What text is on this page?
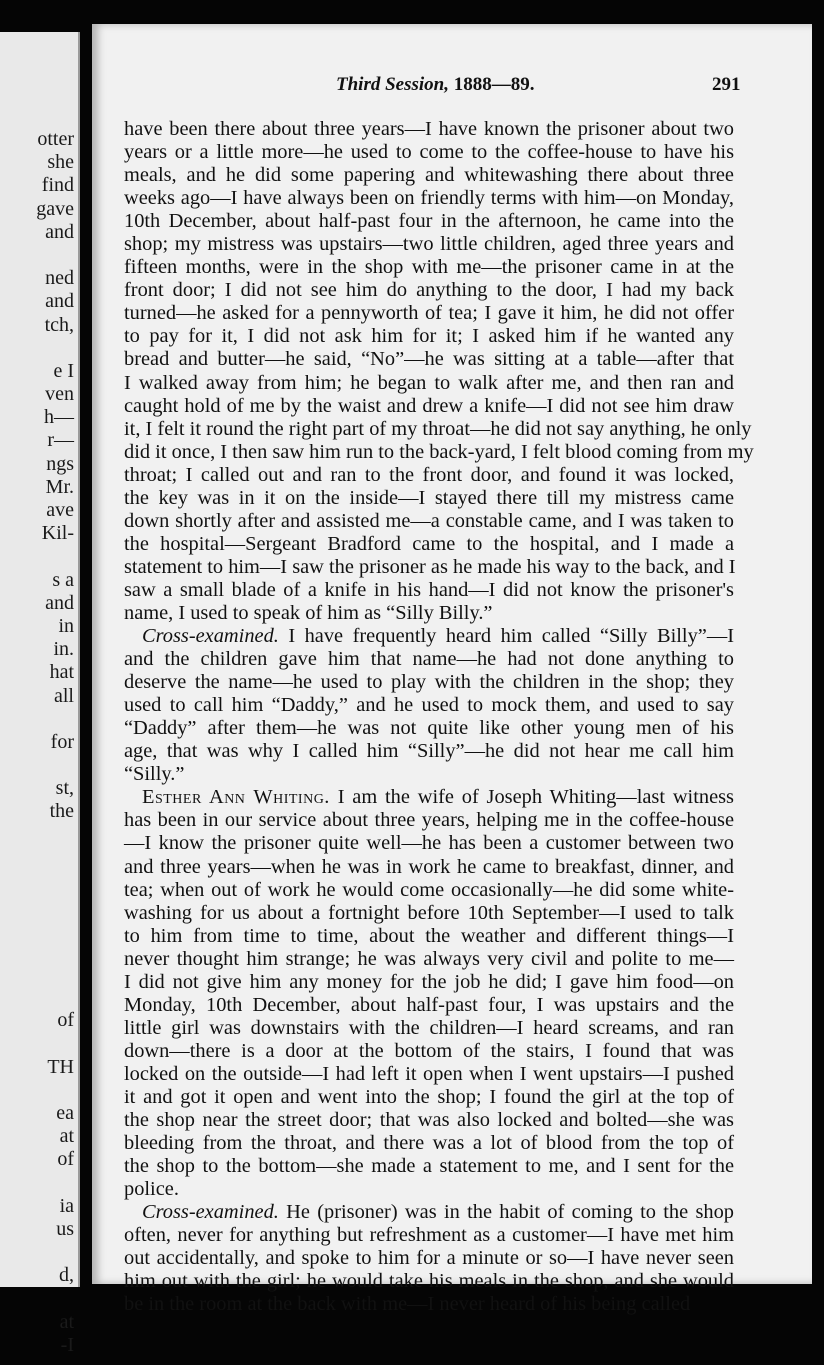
otter
she
find
gave
and
ned
and
tch,
e I
ven
h—
r—
ngs
Mr.
ave
Kil-
s a
and
in
in.
hat
all
for
st,
the
of
TH
ea
at
of
ia
us
d,
at
-I
Third Session, 1888—89.	291
have been there about three years—I have known the prisoner about two
years or a little more—he used to come to the coffee-house to have his
meals, and he did some papering and whitewashing there about three
weeks ago—I have always been on friendly terms with him—on Monday,
10th December, about half-past four in the afternoon, he came into the
shop; my mistress was upstairs—two little children, aged three years and
fifteen months, were in the shop with me—the prisoner came in at the
front door; I did not see him do anything to the door, I had my back
turned—he asked for a pennyworth of tea; I gave it him, he did not offer
to pay for it, I did not ask him for it; I asked him if he wanted any
bread and butter—he said, “No”—he was sitting at a table—after that
I walked away from him; he began to walk after me, and then ran and
caught hold of me by the waist and drew a knife—I did not see him draw
it, I felt it round the right part of my throat—he did not say anything, he only
did it once, I then saw him run to the back-yard, I felt blood coming from my
throat; I called out and ran to the front door, and found it was locked,
the key was in it on the inside—I stayed there till my mistress came
down shortly after and assisted me—a constable came, and I was taken to
the hospital—Sergeant Bradford came to the hospital, and I made a
statement to him—I saw the prisoner as he made his way to the back, and I
saw a small blade of a knife in his hand—I did not know the prisoner's
name, I used to speak of him as “Silly Billy.”
Cross-examined. I have frequently heard him called “Silly Billy”—I
and the children gave him that name—he had not done anything to
deserve the name—he used to play with the children in the shop; they
used to call him “Daddy,” and he used to mock them, and used to say
“Daddy” after them—he was not quite like other young men of his
age, that was why I called him “Silly”—he did not hear me call him
“Silly.”
Esther Ann Whiting. I am the wife of Joseph Whiting—last witness
has been in our service about three years, helping me in the coffee-house
—I know the prisoner quite well—he has been a customer between two
and three years—when he was in work he came to breakfast, dinner, and
tea; when out of work he would come occasionally—he did some white-
washing for us about a fortnight before 10th September—I used to talk
to him from time to time, about the weather and different things—I
never thought him strange; he was always very civil and polite to me—
I did not give him any money for the job he did; I gave him food—on
Monday, 10th December, about half-past four, I was upstairs and the
little girl was downstairs with the children—I heard screams, and ran
down—there is a door at the bottom of the stairs, I found that was
locked on the outside—I had left it open when I went upstairs—I pushed
it and got it open and went into the shop; I found the girl at the top of
the shop near the street door; that was also locked and bolted—she was
bleeding from the throat, and there was a lot of blood from the top of
the shop to the bottom—she made a statement to me, and I sent for the
police.
Cross-examined. He (prisoner) was in the habit of coming to the shop
often, never for anything but refreshment as a customer—I have met him
out accidentally, and spoke to him for a minute or so—I have never seen
him out with the girl; he would take his meals in the shop, and she would
be in the room at the back with me—I never heard of his being called
